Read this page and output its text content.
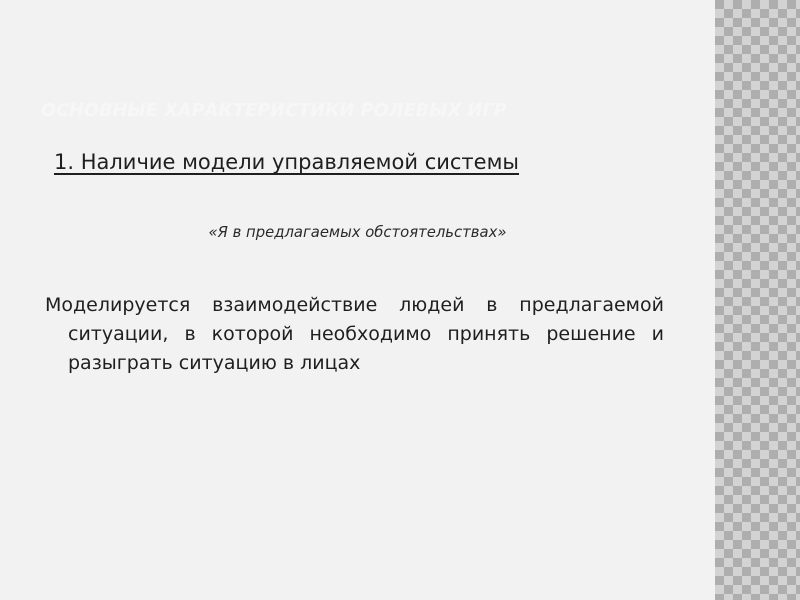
ОСНОВНЫЕ ХАРАКТЕРИСТИКИ РОЛЕВЫХ ИГР
1. Наличие модели управляемой системы
«Я в предлагаемых обстоятельствах»

Моделируется взаимодействие людей в предлагаемой ситуации, в которой необходимо принять решение и разыграть ситуацию в лицах
